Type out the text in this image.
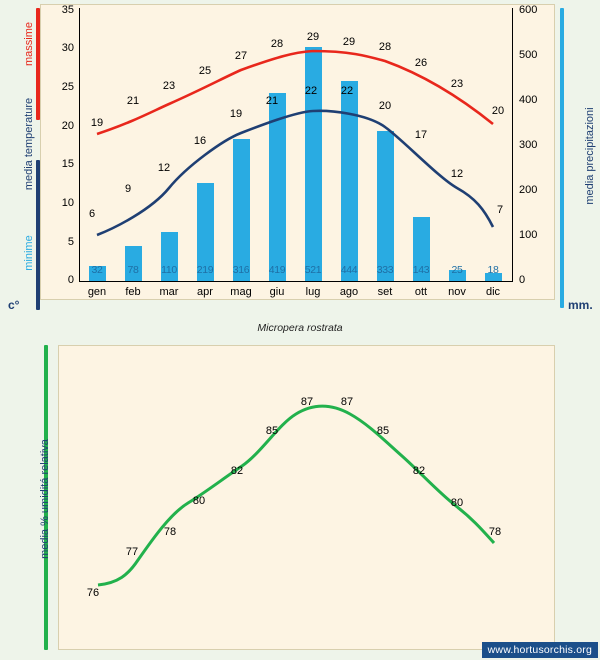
massime
minime
media temperature
c°
media precipitazioni
mm.
35
30
25
20
15
10
5
0
600
500
400
300
200
100
0
32	78	110	219	316	419	521	444	333	143	25	18
19
21
23
25
27
28
29	29	28
26
23
20
6
9
12
16
19
21
22	22
20
17
12
7
gen	feb	mar	apr	mag	giu	lug	ago	set	ott	nov	dic
Micropera rostrata
media % umiditá relativa
76
77
78
80
82
85
87	87
85
82
80
78
www.hortusorchis.org
